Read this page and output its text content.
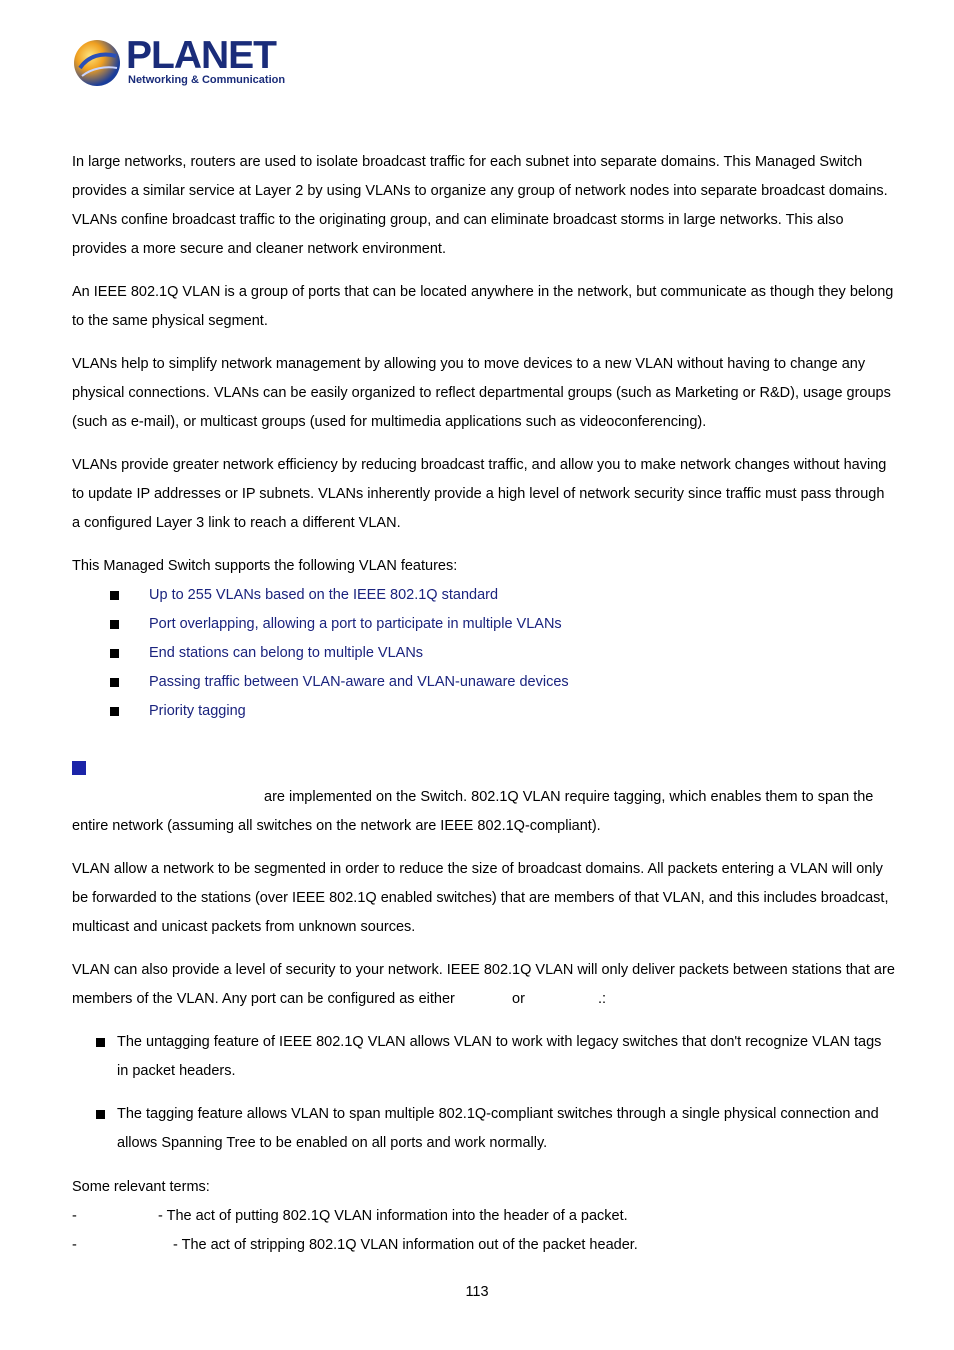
PLANET
Networking & Communication
In large networks, routers are used to isolate broadcast traffic for each subnet into separate domains. This Managed Switch
provides a similar service at Layer 2 by using VLANs to organize any group of network nodes into separate broadcast domains.
VLANs confine broadcast traffic to the originating group, and can eliminate broadcast storms in large networks. This also
provides a more secure and cleaner network environment.
An IEEE 802.1Q VLAN is a group of ports that can be located anywhere in the network, but communicate as though they belong
to the same physical segment.
VLANs help to simplify network management by allowing you to move devices to a new VLAN without having to change any
physical connections. VLANs can be easily organized to reflect departmental groups (such as Marketing or R&D), usage groups
(such as e-mail), or multicast groups (used for multimedia applications such as videoconferencing).
VLANs provide greater network efficiency by reducing broadcast traffic, and allow you to make network changes without having
to update IP addresses or IP subnets. VLANs inherently provide a high level of network security since traffic must pass through
a configured Layer 3 link to reach a different VLAN.
This Managed Switch supports the following VLAN features:
Up to 255 VLANs based on the IEEE 802.1Q standard
Port overlapping, allowing a port to participate in multiple VLANs
End stations can belong to multiple VLANs
Passing traffic between VLAN-aware and VLAN-unaware devices
Priority tagging
are implemented on the Switch. 802.1Q VLAN require tagging, which enables them to span the
entire network (assuming all switches on the network are IEEE 802.1Q-compliant).
VLAN allow a network to be segmented in order to reduce the size of broadcast domains. All packets entering a VLAN will only
be forwarded to the stations (over IEEE 802.1Q enabled switches) that are members of that VLAN, and this includes broadcast,
multicast and unicast packets from unknown sources.
VLAN can also provide a level of security to your network. IEEE 802.1Q VLAN will only deliver packets between stations that are
members of the VLAN. Any port can be configured as either	or	.:
The untagging feature of IEEE 802.1Q VLAN allows VLAN to work with legacy switches that don't recognize VLAN tags
in packet headers.
The tagging feature allows VLAN to span multiple 802.1Q-compliant switches through a single physical connection and
allows Spanning Tree to be enabled on all ports and work normally.
Some relevant terms:
-	- The act of putting 802.1Q VLAN information into the header of a packet.
-	- The act of stripping 802.1Q VLAN information out of the packet header.
113
